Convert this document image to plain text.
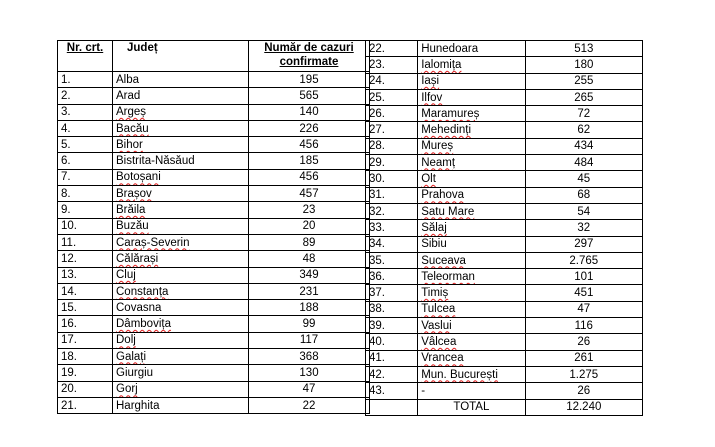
Nr. crt.	Județ	Număr de cazuri confirmate
1.	Alba	195
2.	Arad	565
3.	Argeș	140
4.	Bacău	226
5.	Bihor	456
6.	Bistrita-Năsăud	185
7.	Botoșani	456
8.	Brașov	457
9.	Brăila	23
10.	Buzău	20
11.	Caraș-Severin	89
12.	Călărași	48
13.	Cluj	349
14.	Constanța	231
15.	Covasna	188
16.	Dâmbovița	99
17.	Dolj	117
18.	Galați	368
19.	Giurgiu	130
20.	Gorj	47
21.	Harghita	22
22.	Hunedoara	513
23.	Ialomița	180
24.	Iași	255
25.	Ilfov	265
26.	Maramureș	72
27.	Mehedinți	62
28.	Mureș	434
29.	Neamț	484
30.	Olt	45
31.	Prahova	68
32.	Satu Mare	54
33.	Sălaj	32
34.	Sibiu	297
35.	Suceava	2.765
36.	Teleorman	101
37.	Timiș	451
38.	Tulcea	47
39.	Vaslui	116
40.	Vâlcea	26
41.	Vrancea	261
42.	Mun. București	1.275
43.	-	26
	TOTAL	12.240
